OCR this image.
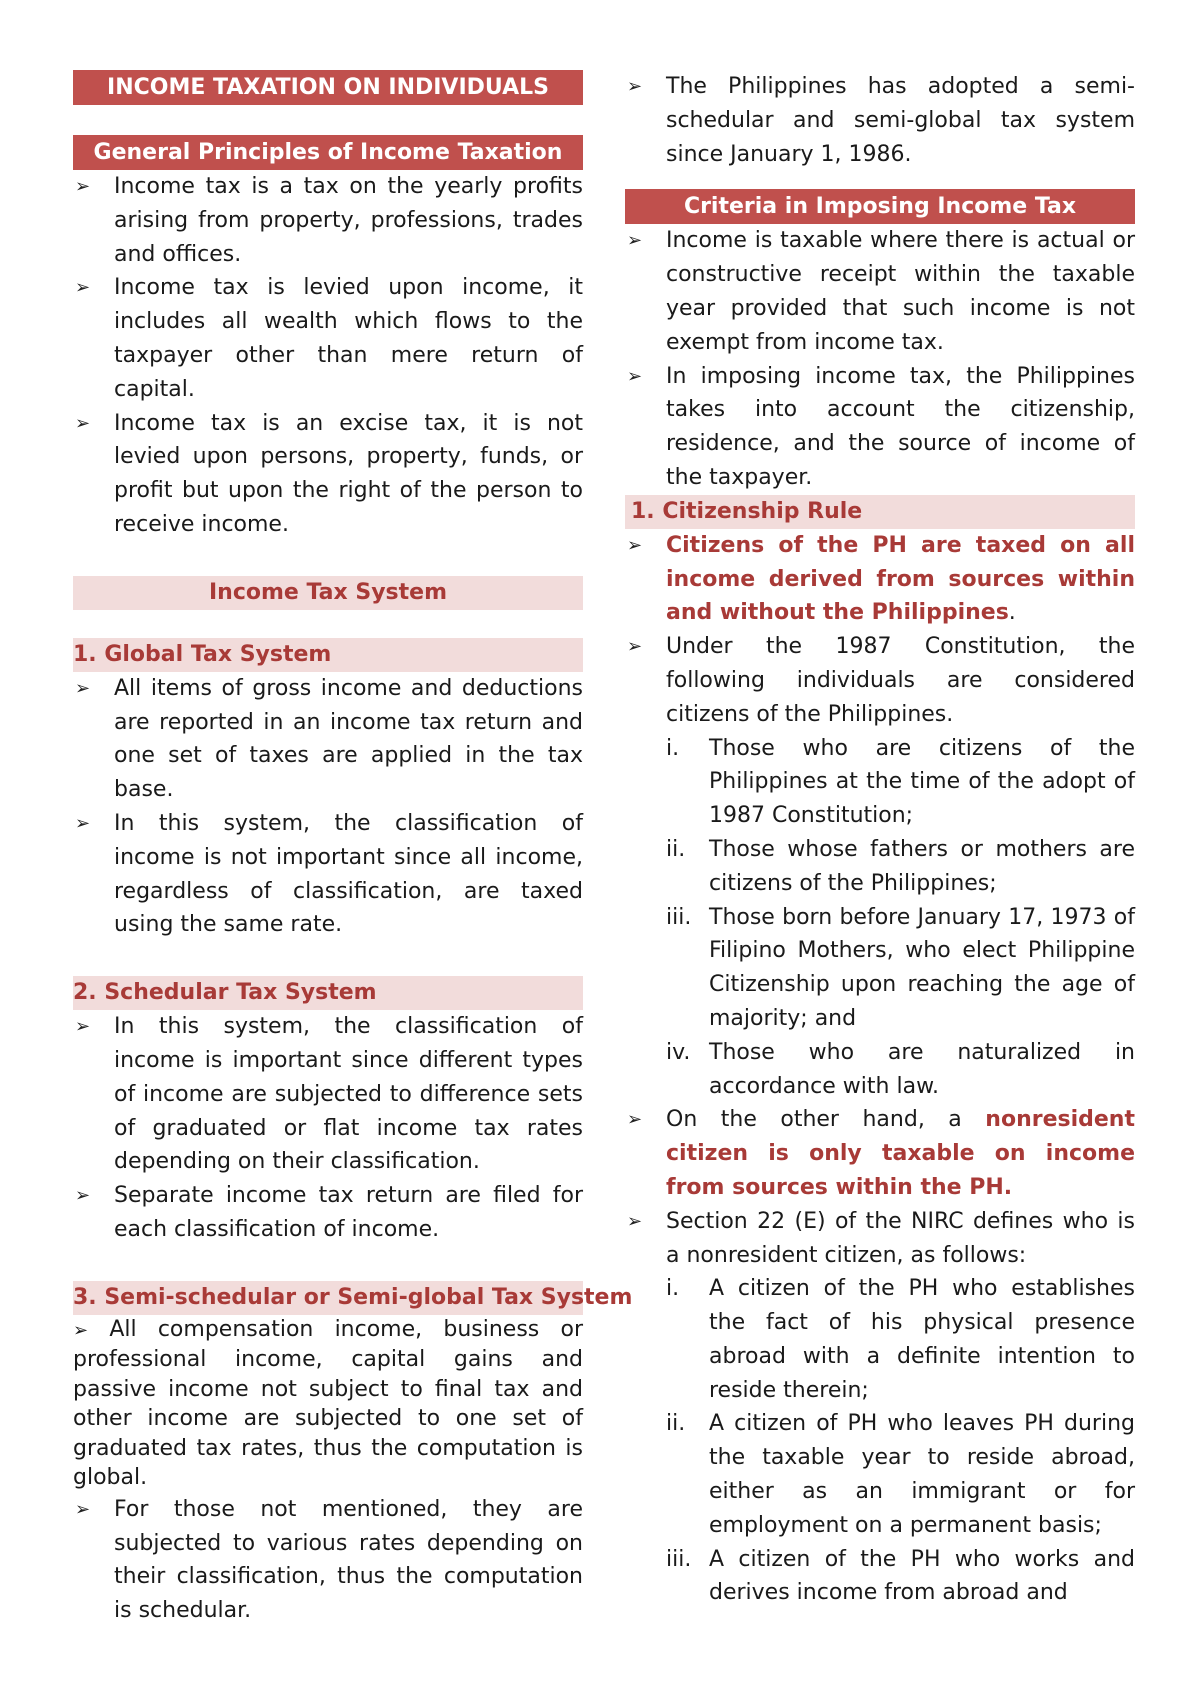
INCOME TAXATION ON INDIVIDUALS
General Principles of Income Taxation

➢ Income tax is a tax on the yearly profits arising from property, professions, trades and offices.

➢ Income tax is levied upon income, it includes all wealth which flows to the taxpayer other than mere return of capital.

➢ Income tax is an excise tax, it is not levied upon persons, property, funds, or profit but upon the right of the person to receive income.

Income Tax System
1. Global Tax System

➢ All items of gross income and deductions are reported in an income tax return and one set of taxes are applied in the tax base.

➢ In this system, the classification of income is not important since all income, regardless of classification, are taxed using the same rate.

2. Schedular Tax System

➢ In this system, the classification of income is important since different types of income are subjected to difference sets of graduated or flat income tax rates depending on their classification.

➢ Separate income tax return are filed for each classification of income.

3. Semi-schedular or Semi-global Tax System

➢ All compensation income, business or professional income, capital gains and passive income not subject to final tax and other income are subjected to one set of graduated tax rates, thus the computation is global.

➢ For those not mentioned, they are subjected to various rates depending on their classification, thus the computation is schedular.

➢ The Philippines has adopted a semi-schedular and semi-global tax system since January 1, 1986.

Criteria in Imposing Income Tax

➢ Income is taxable where there is actual or constructive receipt within the taxable year provided that such income is not exempt from income tax.

➢ In imposing income tax, the Philippines takes into account the citizenship, residence, and the source of income of the taxpayer.

1. Citizenship Rule

➢ Citizens of the PH are taxed on all income derived from sources within and without the Philippines.

➢ Under the 1987 Constitution, the following individuals are considered citizens of the Philippines.

i. Those who are citizens of the Philippines at the time of the adopt of 1987 Constitution;
ii. Those whose fathers or mothers are citizens of the Philippines;
iii. Those born before January 17, 1973 of Filipino Mothers, who elect Philippine Citizenship upon reaching the age of majority; and
iv. Those who are naturalized in accordance with law.

➢ On the other hand, a nonresident citizen is only taxable on income from sources within the PH.

➢ Section 22 (E) of the NIRC defines who is a nonresident citizen, as follows:

i. A citizen of the PH who establishes the fact of his physical presence abroad with a definite intention to reside therein;
ii. A citizen of PH who leaves PH during the taxable year to reside abroad, either as an immigrant or for employment on a permanent basis;
iii. A citizen of the PH who works and derives income from abroad and
